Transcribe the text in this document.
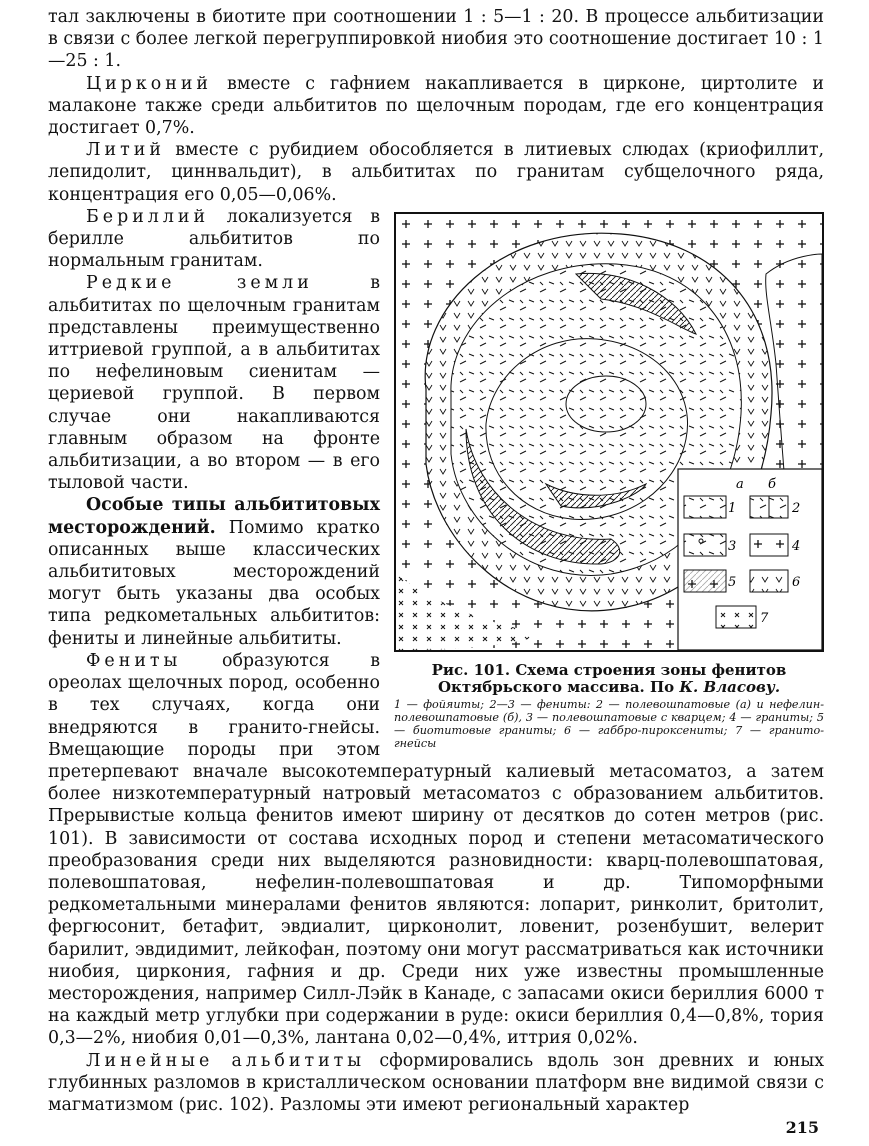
тал заключены в биотите при соотношении 1 : 5—1 : 20. В процессе альбитизации в связи с более легкой перегруппировкой ниобия это соотношение достигает 10 : 1—25 : 1.

Цирконий вместе с гафнием накапливается в цирконе, циртолите и малаконе также среди альбититов по щелочным породам, где его концентрация достигает 0,7%.

Литий вместе с рубидием обособляется в литиевых слюдах (криофиллит, лепидолит, циннвальдит), в альбититах по гранитам субщелочного ряда, концентрация его 0,05—0,06%.

а б
1	2
3	4
5	6
7
Рис. 101. Схема строения зоны фенитов Октябрьского массива. По К. Власову.
1 — фойяиты; 2—3 — фениты: 2 — полевошпатовые (а) и нефелин-полевошпатовые (б), 3 — полевошпатовые с кварцем; 4 — граниты; 5 — биотитовые граниты; 6 — габбро-пироксениты; 7 — гранито-гнейсы

Бериллий локализуется в берилле альбититов по нормальным гранитам.

Редкие земли в альбититах по щелочным гранитам представлены преимущественно иттриевой группой, а в альбититах по нефелиновым сиенитам — цериевой группой. В первом случае они накапливаются главным образом на фронте альбитизации, а во втором — в его тыловой части.

Особые типы альбититовых месторождений. Помимо кратко описанных выше классических альбититовых месторождений могут быть указаны два особых типа редкометальных альбититов: фениты и линейные альбититы.

Фениты образуются в ореолах щелочных пород, особенно в тех случаях, когда они внедряются в гранито-гнейсы. Вмещающие породы при этом претерпевают вначале высокотемпературный калиевый метасоматоз, а затем более низкотемпературный натровый метасоматоз с образованием альбититов. Прерывистые кольца фенитов имеют ширину от десятков до сотен метров (рис. 101). В зависимости от состава исходных пород и степени метасоматического преобразования среди них выделяются разновидности: кварц-полевошпатовая, полевошпатовая, нефелин-полевошпатовая и др. Типоморфными редкометальными минералами фенитов являются: лопарит, ринколит, бритолит, фергюсонит, бетафит, эвдиалит, цирконолит, ловенит, розенбушит, велерит барилит, эвдидимит, лейкофан, поэтому они могут рассматриваться как источники ниобия, циркония, гафния и др. Среди них уже известны промышленные месторождения, например Силл-Лэйк в Канаде, с запасами окиси бериллия 6000 т на каждый метр углубки при содержании в руде: окиси бериллия 0,4—0,8%, тория 0,3—2%, ниобия 0,01—0,3%, лантана 0,02—0,4%, иттрия 0,02%.

Линейные альбититы сформировались вдоль зон древних и юных глубинных разломов в кристаллическом основании платформ вне видимой связи с магматизмом (рис. 102). Разломы эти имеют региональный характер

215
